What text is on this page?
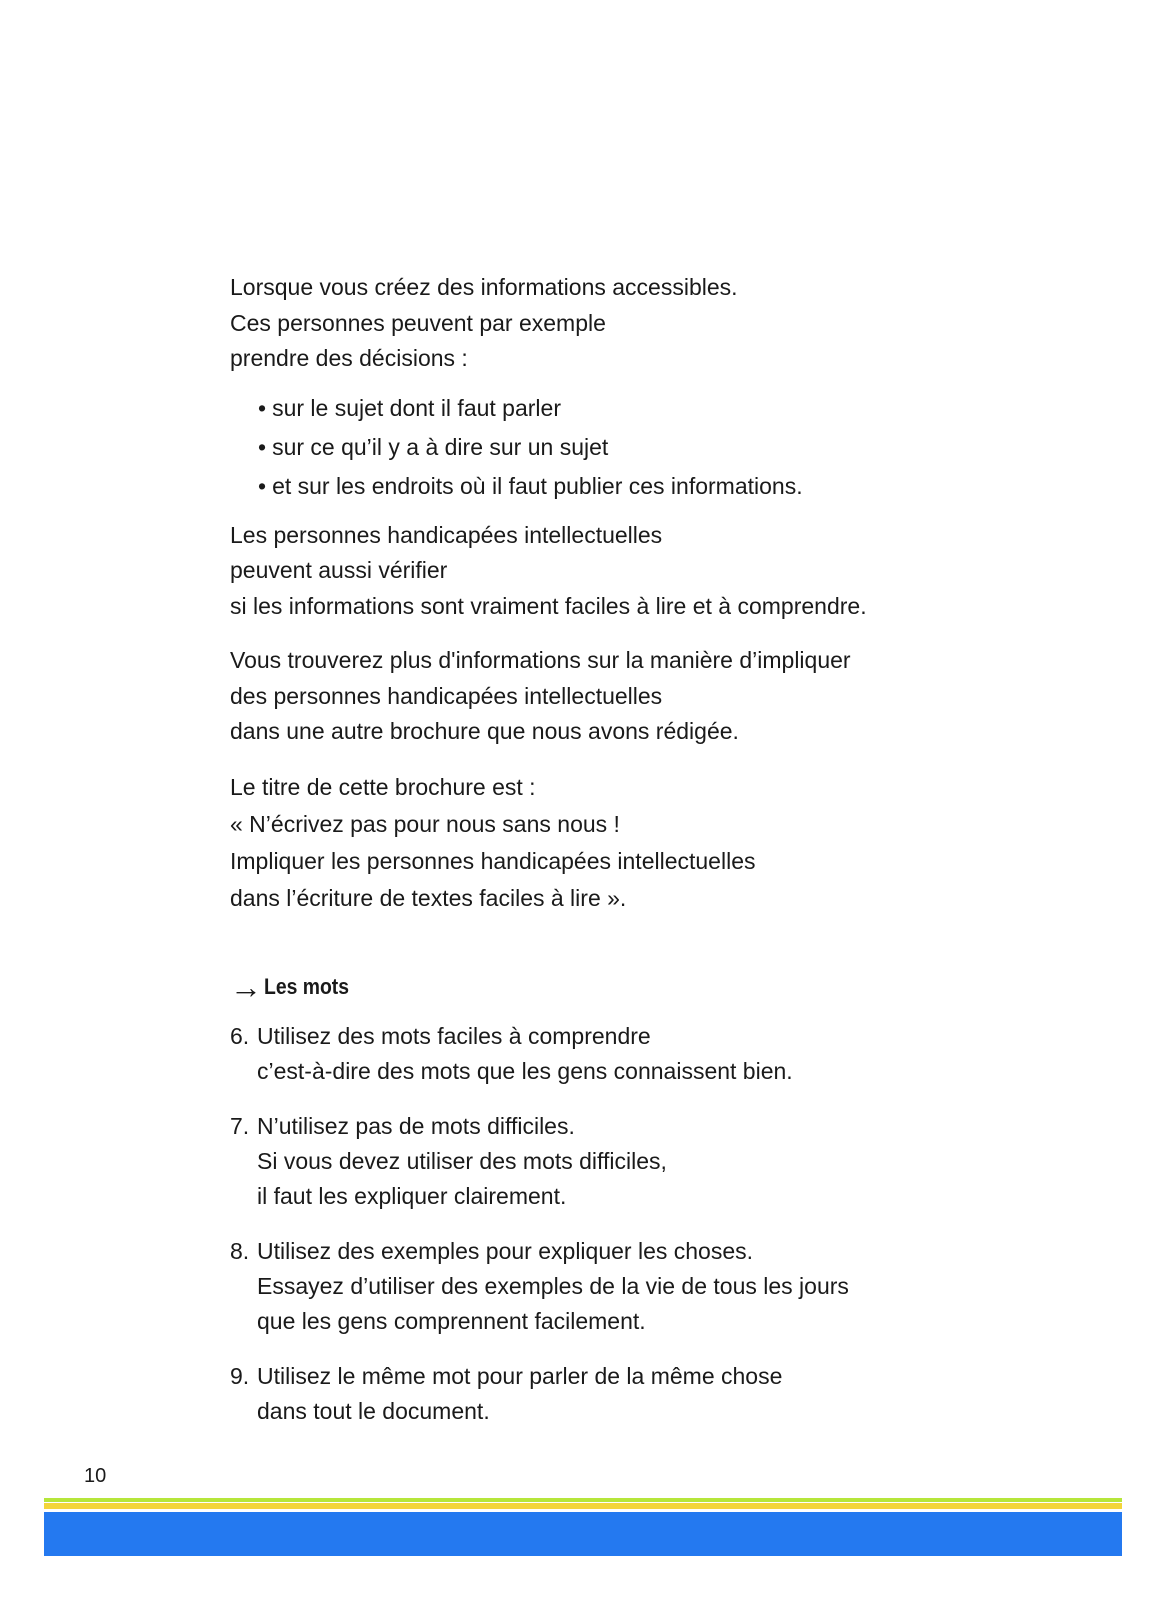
Lorsque vous créez des informations accessibles.
Ces personnes peuvent par exemple
prendre des décisions :
• sur le sujet dont il faut parler
• sur ce qu’il y a à dire sur un sujet
• et sur les endroits où il faut publier ces informations.
Les personnes handicapées intellectuelles
peuvent aussi vérifier
si les informations sont vraiment faciles à lire et à comprendre.
Vous trouverez plus d'informations sur la manière d’impliquer
des personnes handicapées intellectuelles
dans une autre brochure que nous avons rédigée.
Le titre de cette brochure est :
« N’écrivez pas pour nous sans nous !
Impliquer les personnes handicapées intellectuelles
dans l’écriture de textes faciles à lire ».
→ Les mots
6. Utilisez des mots faciles à comprendre
c’est-à-dire des mots que les gens connaissent bien.
7. N’utilisez pas de mots difficiles.
Si vous devez utiliser des mots difficiles,
il faut les expliquer clairement.
8. Utilisez des exemples pour expliquer les choses.
Essayez d’utiliser des exemples de la vie de tous les jours
que les gens comprennent facilement.
9. Utilisez le même mot pour parler de la même chose
dans tout le document.
10
